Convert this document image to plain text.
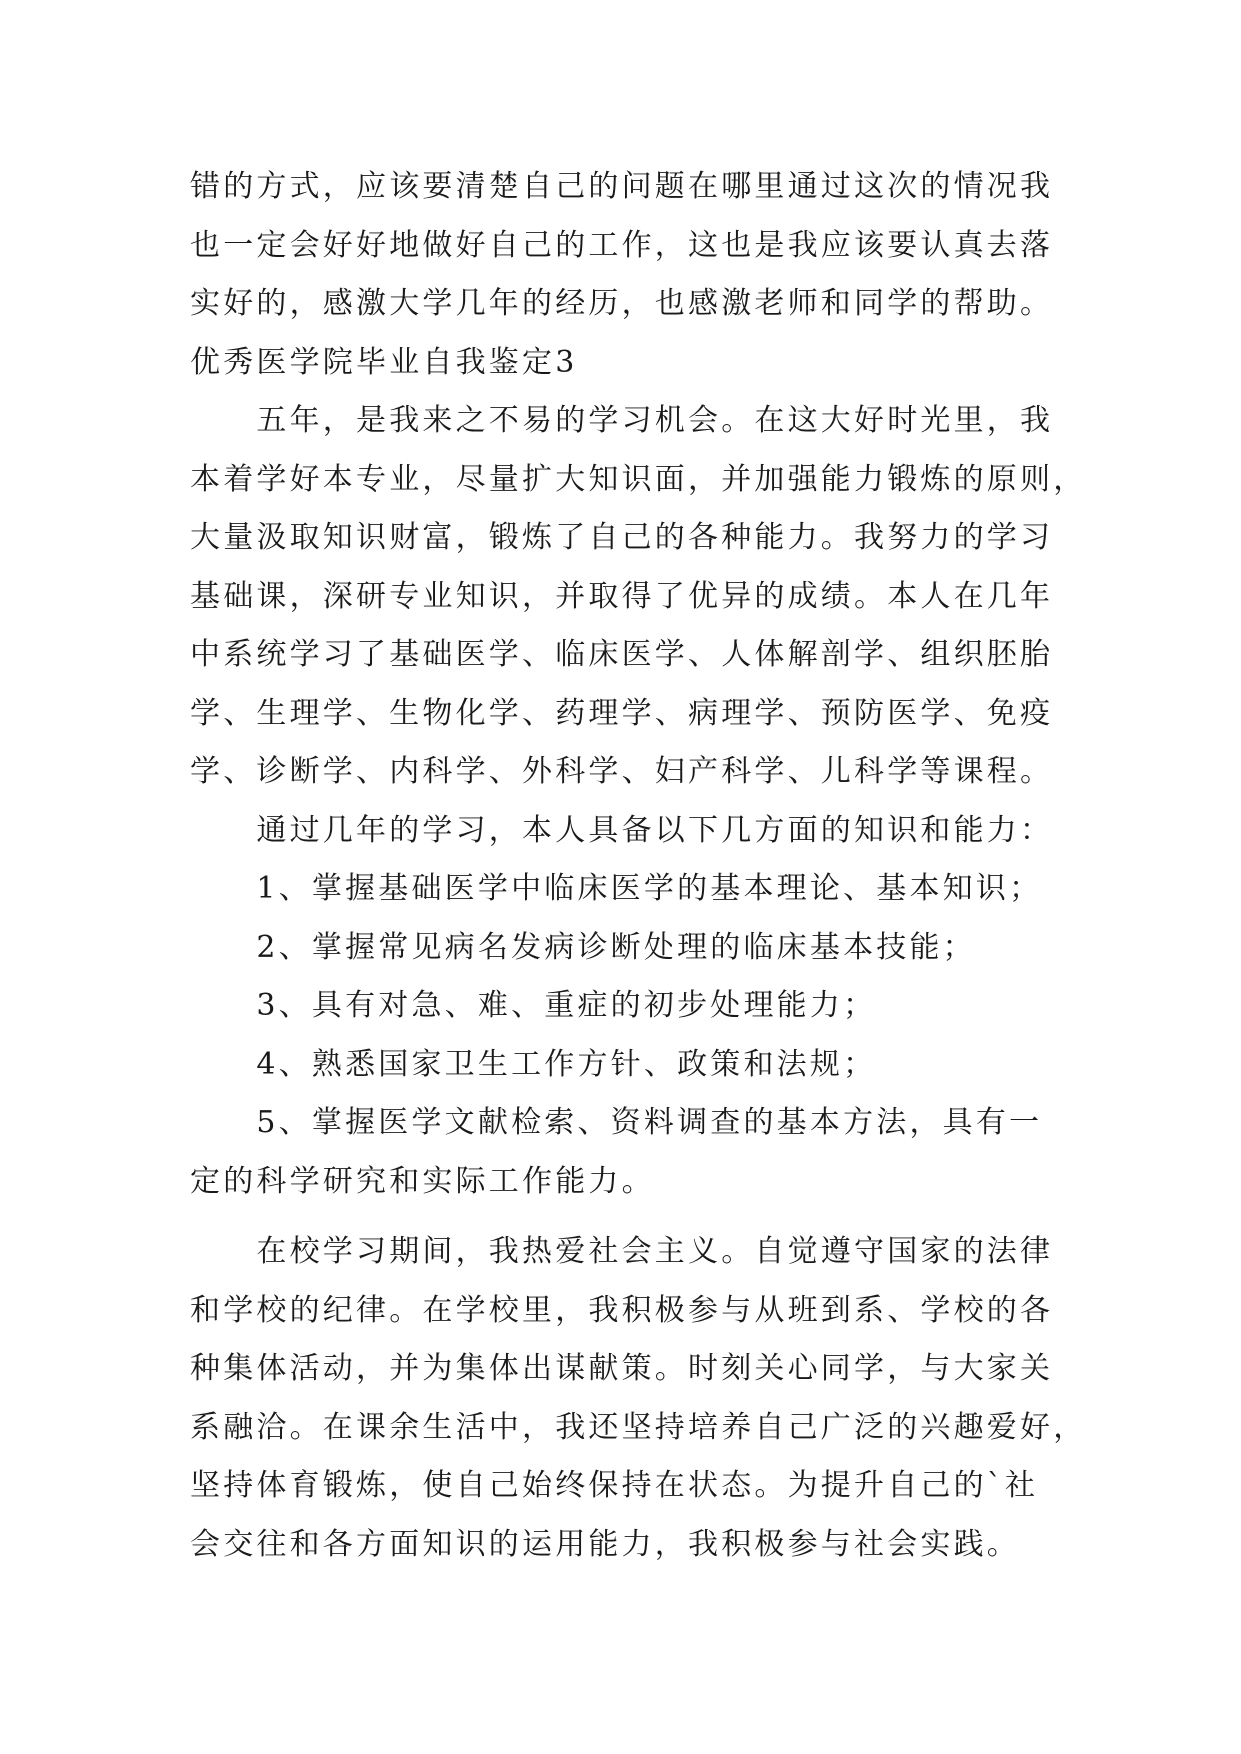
错的方式，应该要清楚自己的问题在哪里通过这次的情况我
也一定会好好地做好自己的工作，这也是我应该要认真去落
实好的，感激大学几年的经历，也感激老师和同学的帮助。
优秀医学院毕业自我鉴定3
　　五年，是我来之不易的学习机会。在这大好时光里，我
本着学好本专业，尽量扩大知识面，并加强能力锻炼的原则，
大量汲取知识财富，锻炼了自己的各种能力。我努力的学习
基础课，深研专业知识，并取得了优异的成绩。本人在几年
中系统学习了基础医学、临床医学、人体解剖学、组织胚胎
学、生理学、生物化学、药理学、病理学、预防医学、免疫
学、诊断学、内科学、外科学、妇产科学、儿科学等课程。
　　通过几年的学习，本人具备以下几方面的知识和能力：
　　1、掌握基础医学中临床医学的基本理论、基本知识；
　　2、掌握常见病名发病诊断处理的临床基本技能；
　　3、具有对急、难、重症的初步处理能力；
　　4、熟悉国家卫生工作方针、政策和法规；
　　5、掌握医学文献检索、资料调查的基本方法，具有一
定的科学研究和实际工作能力。
　　在校学习期间，我热爱社会主义。自觉遵守国家的法律
和学校的纪律。在学校里，我积极参与从班到系、学校的各
种集体活动，并为集体出谋献策。时刻关心同学，与大家关
系融洽。在课余生活中，我还坚持培养自己广泛的兴趣爱好，
坚持体育锻炼，使自己始终保持在状态。为提升自己的`社
会交往和各方面知识的运用能力，我积极参与社会实践。
